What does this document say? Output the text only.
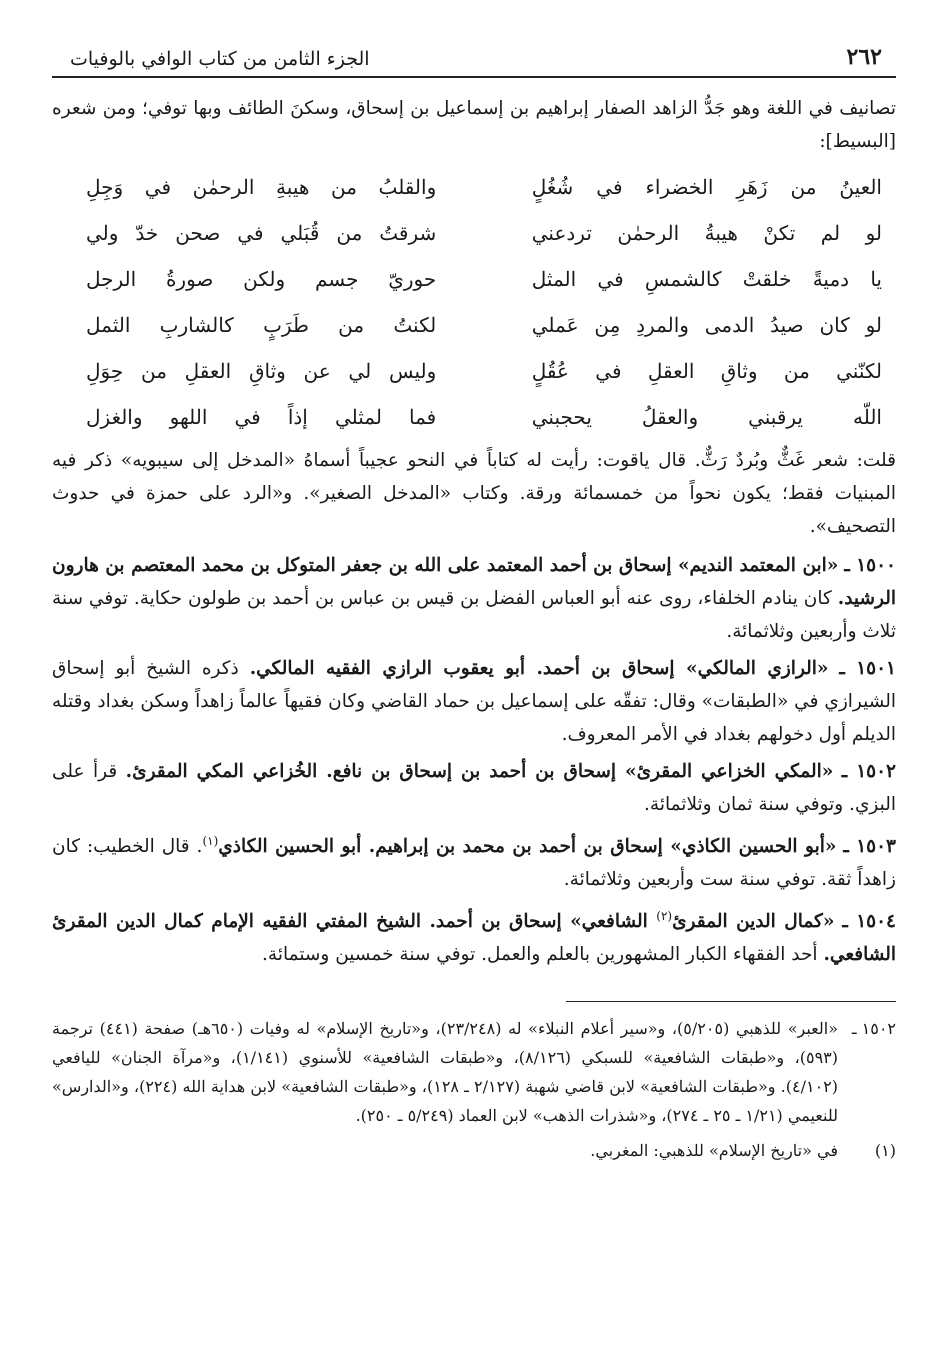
٢٦٢
الجزء الثامن من كتاب الوافي بالوفيات

تصانيف في اللغة وهو جَدُّ الزاهد الصفار إبراهيم بن إسماعيل بن إسحاق، وسكنَ الطائف وبها توفي؛ ومن شعره [البسيط]:

العينُ من زَهَرِ الخضراء في شُغُلٍ
والقلبُ من هيبةِ الرحمٰن في وَجِلِ
لو لم تكنْ هيبةُ الرحمٰن تردعني
شرقتُ من قُبَلي في صحن خدّ ولي
يا دميةً خلقتْ كالشمسِ في المثل
حوريّ جسم ولكن صورةُ الرجل
لو كان صيدُ الدمى والمردِ مِن عَملي
لكنتُ من طَرَبٍ كالشاربِ الثمل
لكنّني من وثاقِ العقلِ في عُقُلٍ
وليس لي عن وثاقِ العقلِ من حِوَلِ
اللّه يرقبني والعقلُ يحجبني
فما لمثلي إذاً في اللهو والغزل

قلت: شعر غَثٌّ وبُردٌ رَثٌّ. قال ياقوت: رأيت له كتاباً في النحو عجيباً أسماهُ «المدخل إلى سيبويه» ذكر فيه المبنيات فقط؛ يكون نحواً من خمسمائة ورقة. وكتاب «المدخل الصغير». و«الرد على حمزة في حدوث التصحيف».

١٥٠٠ ـ «ابن المعتمد النديم» إسحاق بن أحمد المعتمد على الله بن جعفر المتوكل بن محمد المعتصم بن هارون الرشيد. كان ينادم الخلفاء، روى عنه أبو العباس الفضل بن قيس بن عباس بن أحمد بن طولون حكاية. توفي سنة ثلاث وأربعين وثلاثمائة.

١٥٠١ ـ «الرازي المالكي» إسحاق بن أحمد. أبو يعقوب الرازي الفقيه المالكي. ذكره الشيخ أبو إسحاق الشيرازي في «الطبقات» وقال: تفقّه على إسماعيل بن حماد القاضي وكان فقيهاً عالماً زاهداً وسكن بغداد وقتله الديلم أول دخولهم بغداد في الأمر المعروف.

١٥٠٢ ـ «المكي الخزاعي المقرئ» إسحاق بن أحمد بن إسحاق بن نافع. الخُزاعي المكي المقرئ. قرأ على البزي. وتوفي سنة ثمان وثلاثمائة.

١٥٠٣ ـ «أبو الحسين الكاذي» إسحاق بن أحمد بن محمد بن إبراهيم. أبو الحسين الكاذي$^{(١)}$. قال الخطيب: كان زاهداً ثقة. توفي سنة ست وأربعين وثلاثمائة.

١٥٠٤ ـ «كمال الدين المقرئ$^{(٢)}$ الشافعي» إسحاق بن أحمد. الشيخ المفتي الفقيه الإمام كمال الدين المقرئ الشافعي. أحد الفقهاء الكبار المشهورين بالعلم والعمل. توفي سنة خمسين وستمائة.

١٥٠٢ ـ
«العبر» للذهبي (٥/٢٠٥)، و«سير أعلام النبلاء» له (٢٣/٢٤٨)، و«تاريخ الإسلام» له وفيات (٦٥٠هـ) صفحة (٤٤١) ترجمة (٥٩٣)، و«طبقات الشافعية» للسبكي (٨/١٢٦)، و«طبقات الشافعية» للأسنوي (١/١٤١)، و«مرآة الجنان» لليافعي (٤/١٠٢). و«طبقات الشافعية» لابن قاضي شهبة (٢/١٢٧ ـ ١٢٨)، و«طبقات الشافعية» لابن هداية الله (٢٢٤)، و«الدارس» للنعيمي (١/٢١ ـ ٢٥ ـ ٢٧٤)، و«شذرات الذهب» لابن العماد (٥/٢٤٩ ـ ٢٥٠).
(١)
في «تاريخ الإسلام» للذهبي: المغربي.
